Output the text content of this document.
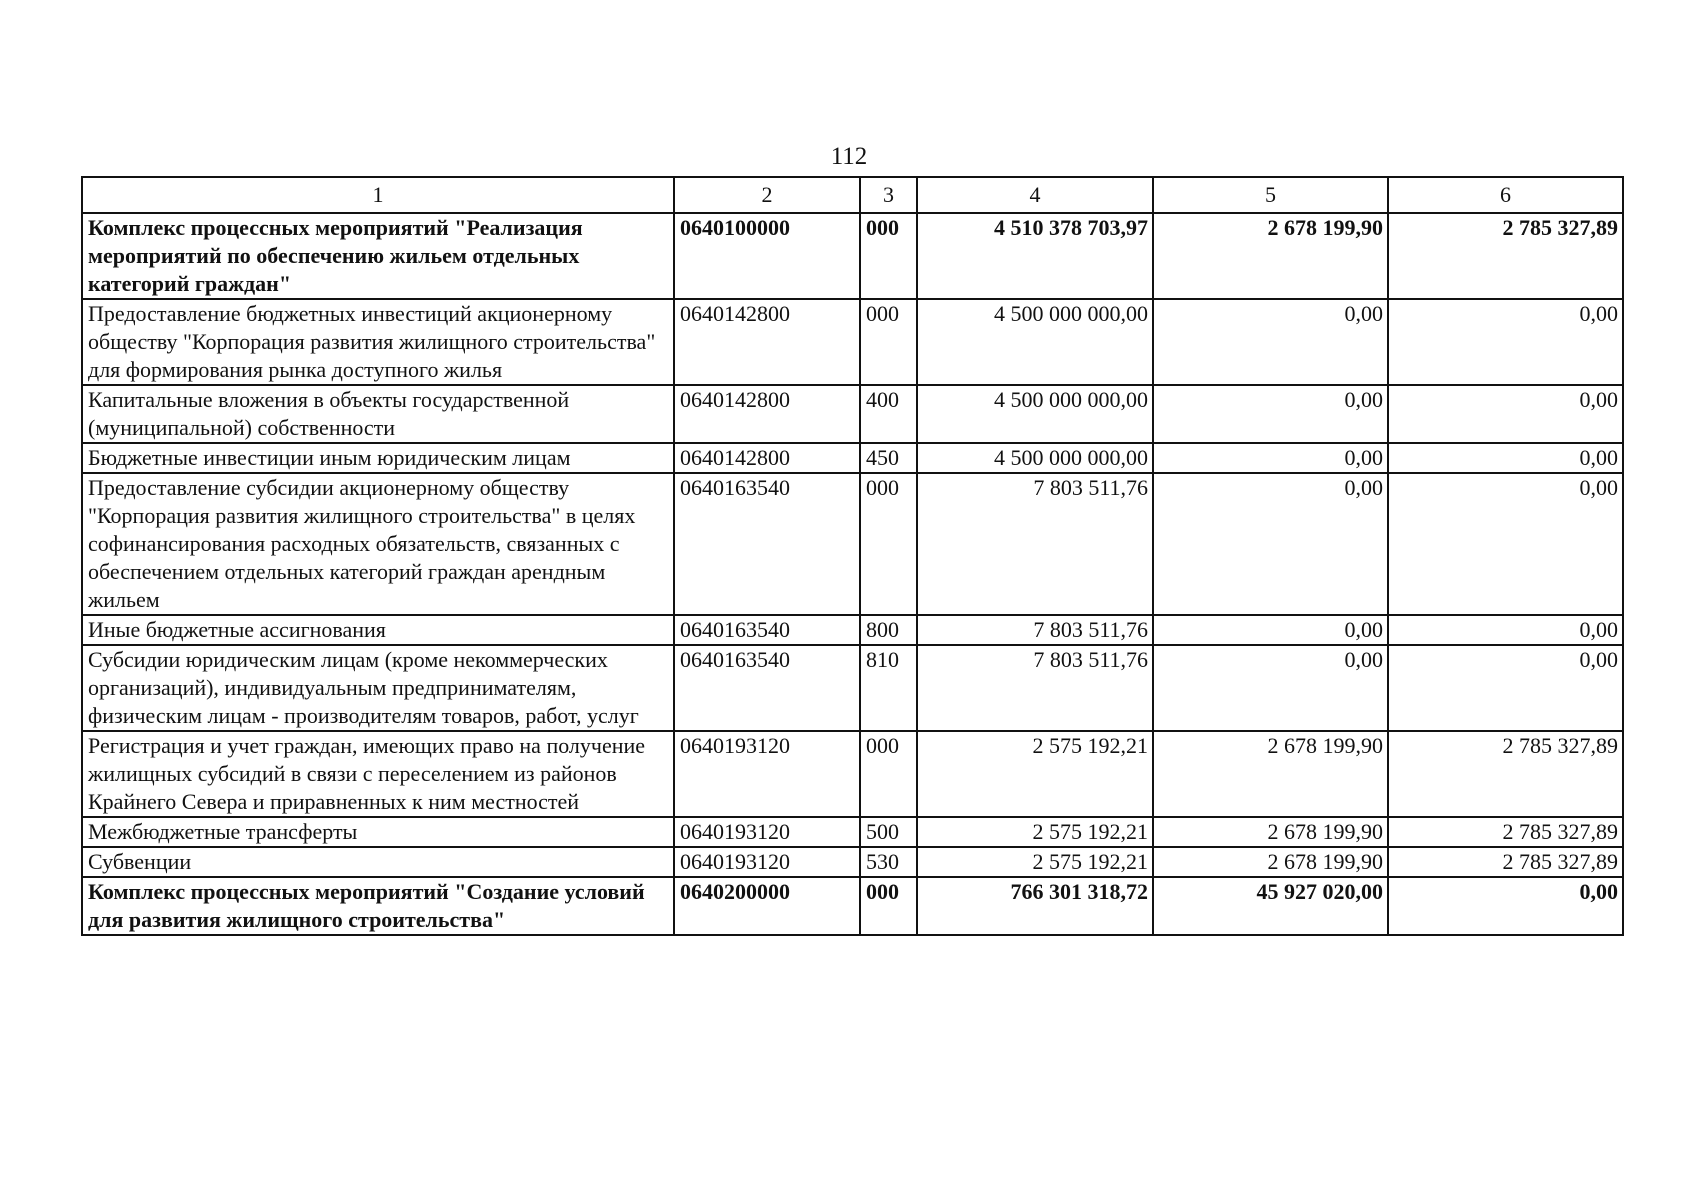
112
1	2	3	4	5	6
Комплекс процессных мероприятий "Реализация мероприятий по обеспечению жильем отдельных категорий граждан"	0640100000	000	4 510 378 703,97	2 678 199,90	2 785 327,89
Предоставление бюджетных инвестиций акционерному обществу "Корпорация развития жилищного строительства" для формирования рынка доступного жилья	0640142800	000	4 500 000 000,00	0,00	0,00
Капитальные вложения в объекты государственной (муниципальной) собственности	0640142800	400	4 500 000 000,00	0,00	0,00
Бюджетные инвестиции иным юридическим лицам	0640142800	450	4 500 000 000,00	0,00	0,00
Предоставление субсидии акционерному обществу "Корпорация развития жилищного строительства" в целях софинансирования расходных обязательств, связанных с обеспечением отдельных категорий граждан арендным жильем	0640163540	000	7 803 511,76	0,00	0,00
Иные бюджетные ассигнования	0640163540	800	7 803 511,76	0,00	0,00
Субсидии юридическим лицам (кроме некоммерческих организаций), индивидуальным предпринимателям, физическим лицам - производителям товаров, работ, услуг	0640163540	810	7 803 511,76	0,00	0,00
Регистрация и учет граждан, имеющих право на получение жилищных субсидий в связи с переселением из районов Крайнего Севера и приравненных к ним местностей	0640193120	000	2 575 192,21	2 678 199,90	2 785 327,89
Межбюджетные трансферты	0640193120	500	2 575 192,21	2 678 199,90	2 785 327,89
Субвенции	0640193120	530	2 575 192,21	2 678 199,90	2 785 327,89
Комплекс процессных мероприятий "Создание условий для развития жилищного строительства"	0640200000	000	766 301 318,72	45 927 020,00	0,00
